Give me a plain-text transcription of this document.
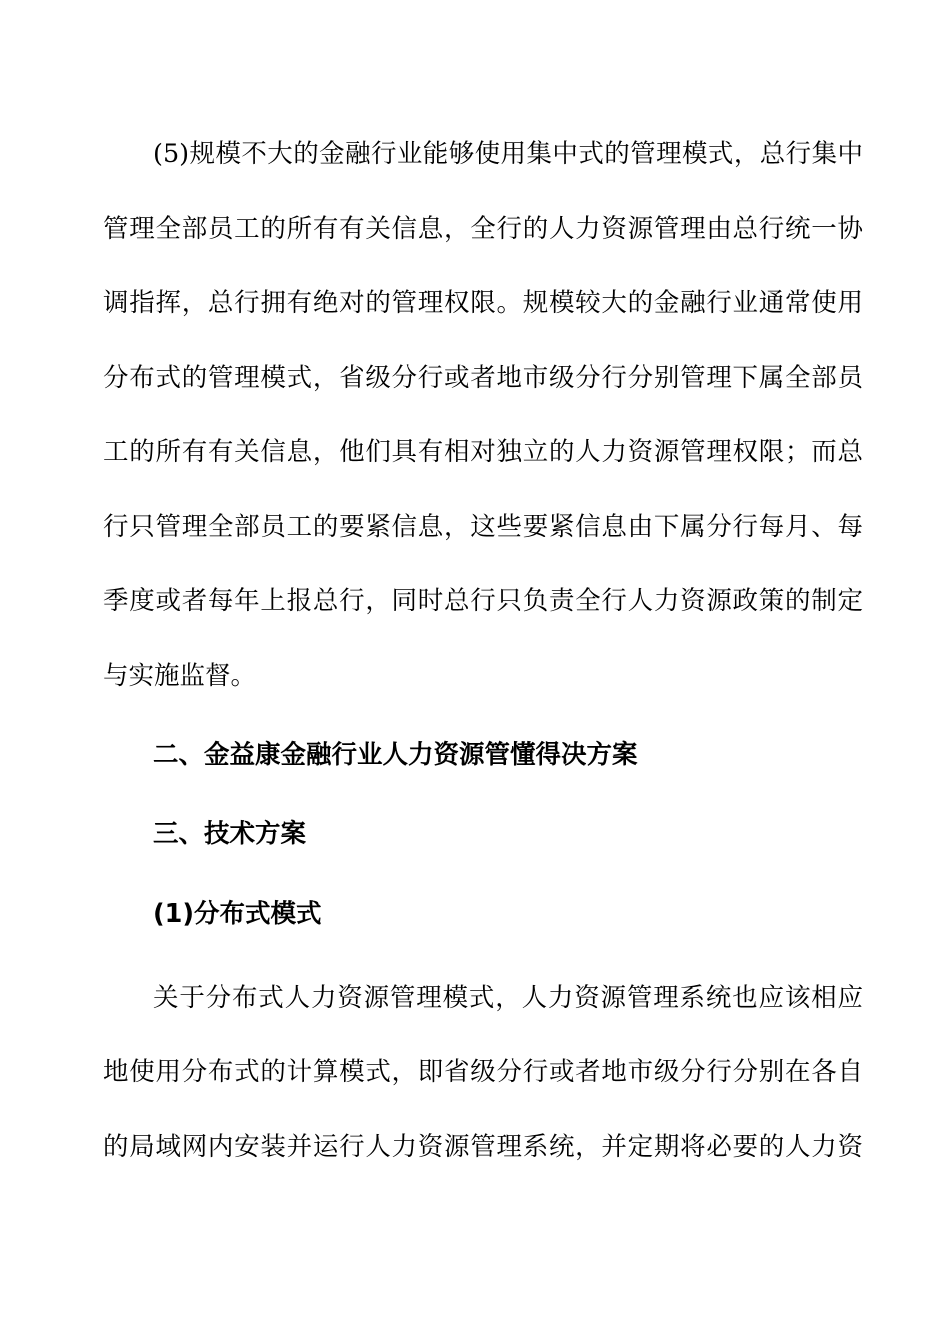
(5)规模不大的金融行业能够使用集中式的管理模式，总行集中
管理全部员工的所有有关信息，全行的人力资源管理由总行统一协
调指挥，总行拥有绝对的管理权限。规模较大的金融行业通常使用
分布式的管理模式，省级分行或者地市级分行分别管理下属全部员
工的所有有关信息，他们具有相对独立的人力资源管理权限；而总
行只管理全部员工的要紧信息，这些要紧信息由下属分行每月、每
季度或者每年上报总行，同时总行只负责全行人力资源政策的制定
与实施监督。
二、金益康金融行业人力资源管懂得决方案
三、技术方案
(1)分布式模式
关于分布式人力资源管理模式，人力资源管理系统也应该相应
地使用分布式的计算模式，即省级分行或者地市级分行分别在各自
的局域网内安装并运行人力资源管理系统，并定期将必要的人力资
